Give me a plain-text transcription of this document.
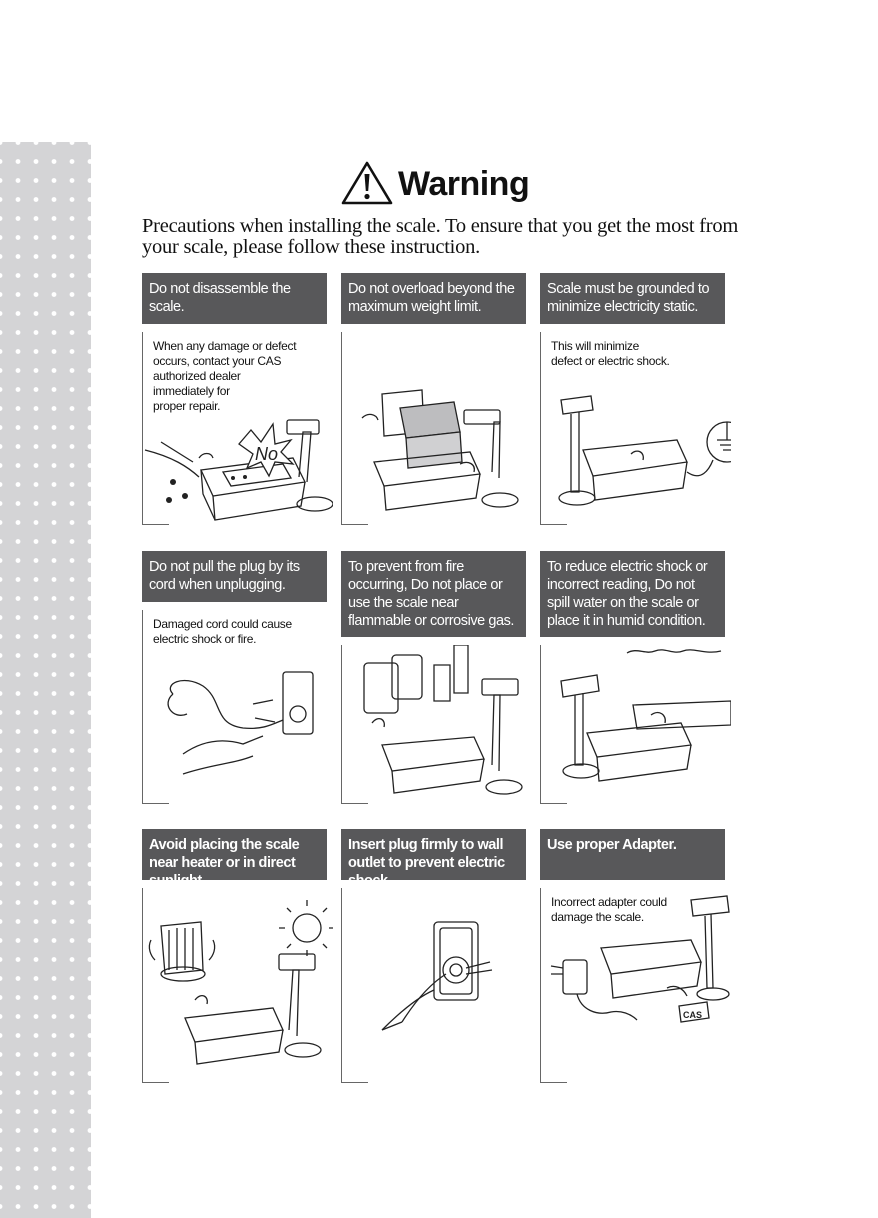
Warning
Precautions when installing the scale. To ensure that you get the most from your scale, please follow these instruction.
Do not disassemble the scale.
When any damage or defect
occurs, contact your CAS
authorized dealer
immediately for
proper repair.
No
Do not overload beyond the maximum weight limit.
Scale must be grounded to minimize electricity static.
This will minimize
defect or electric shock.
Do not pull the plug by its cord when unplugging.
Damaged cord could cause
electric shock or fire.
To prevent from fire occurring, Do not place or use the scale near flammable or corrosive gas.
To reduce electric shock or incorrect reading, Do not spill water on the scale or place it in humid condition.
Avoid placing the scale near heater or in direct sunlight.
Insert plug firmly to wall outlet to prevent electric shock.
Use proper Adapter.
Incorrect adapter could
damage the scale.
CAS
